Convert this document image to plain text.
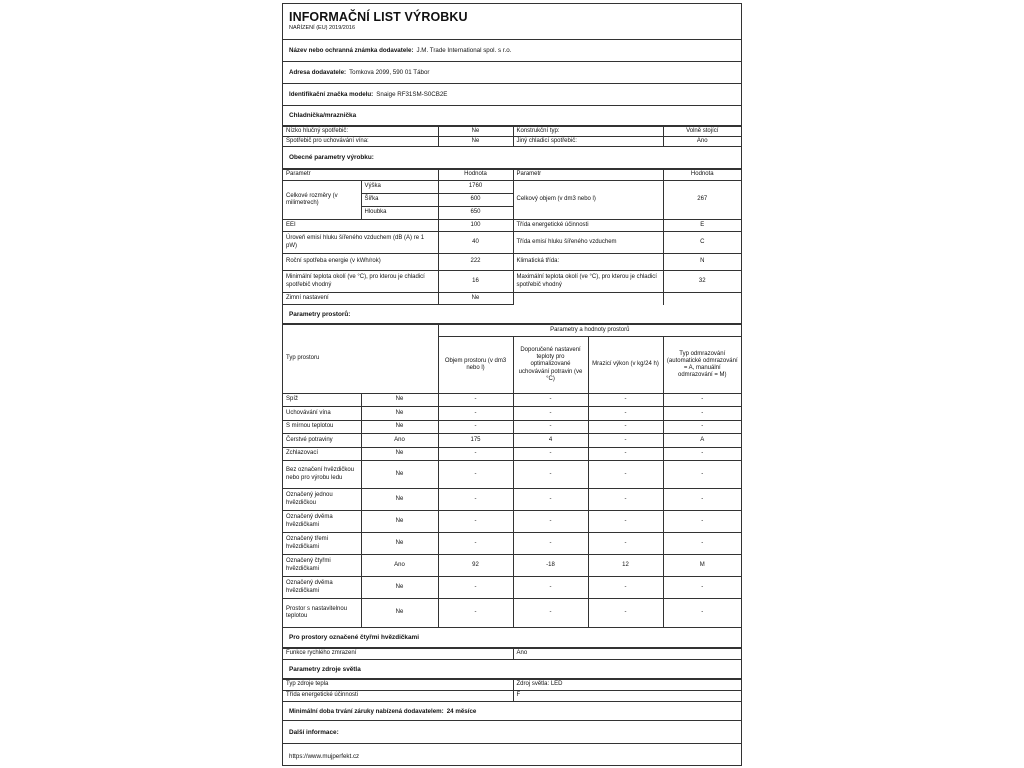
INFORMAČNÍ LIST VÝROBKU
NAŘÍZENÍ (EU) 2019/2016
Název nebo ochranná známka dodavatele: J.M. Trade International spol. s r.o.
Adresa dodavatele: Tomkova 2099, 590 01 Tábor
Identifikační značka modelu: Snaige RF31SM-S0CB2E
Chladnička/mraznička
Nízko hlučný spotřebič:	Ne	Konstrukční typ:	Volně stojící
Spotřebič pro uchovávání vína:	Ne	Jiný chladicí spotřebič:	Ano
Obecné parametry výrobku:
Parametr		Hodnota	Parametr	Hodnota
Celkové rozměry (v milimetrech)	Výška	1760	Celkový objem (v dm3 nebo l)	267
	Šířka	600		
	Hloubka	650		
EEI		100	Třída energetické účinnosti	E
Úroveň emisí hluku šířeného vzduchem (dB (A) re 1 pW)		40	Třída emisí hluku šířeného vzduchem	C
Roční spotřeba energie (v kWh/rok)		222	Klimatická třída:	N
Minimální teplota okolí (ve °C), pro kterou je chladicí spotřebič vhodný		16	Maximální teplota okolí (ve °C), pro kterou je chladicí spotřebič vhodný	32
Zimní nastavení		Ne		
Parametry prostorů:
Typ prostoru		Parametry a hodnoty prostorů			
		Objem prostoru (v dm3 nebo l)	Doporučené nastavení teploty pro optimalizované uchovávání potravin (ve °C)	Mrazicí výkon (v kg/24 h)	Typ odmrazování (automatické odmrazování = A, manuální odmrazování = M)
Spíž	Ne	-	-	-	-
Uchovávání vína	Ne	-	-	-	-
S mírnou teplotou	Ne	-	-	-	-
Čerstvé potraviny	Ano	175	4	-	A
Zchlazovací	Ne	-	-	-	-
Bez označení hvězdičkou nebo pro výrobu ledu	Ne	-	-	-	-
Označený jednou hvězdičkou	Ne	-	-	-	-
Označený dvěma hvězdičkami	Ne	-	-	-	-
Označený třemi hvězdičkami	Ne	-	-	-	-
Označený čtyřmi hvězdičkami	Ano	92	-18	12	M
Označený dvěma hvězdičkami	Ne	-	-	-	-
Prostor s nastavitelnou teplotou	Ne	-	-	-	-
Pro prostory označené čtyřmi hvězdičkami
Funkce rychlého zmrazení	Ano
Parametry zdroje světla
Typ zdroje tepla	Zdroj světla: LED
Třída energetické účinnosti	F
Minimální doba trvání záruky nabízená dodavatelem: 24 měsíce
Další informace:
https://www.mujperfekt.cz
